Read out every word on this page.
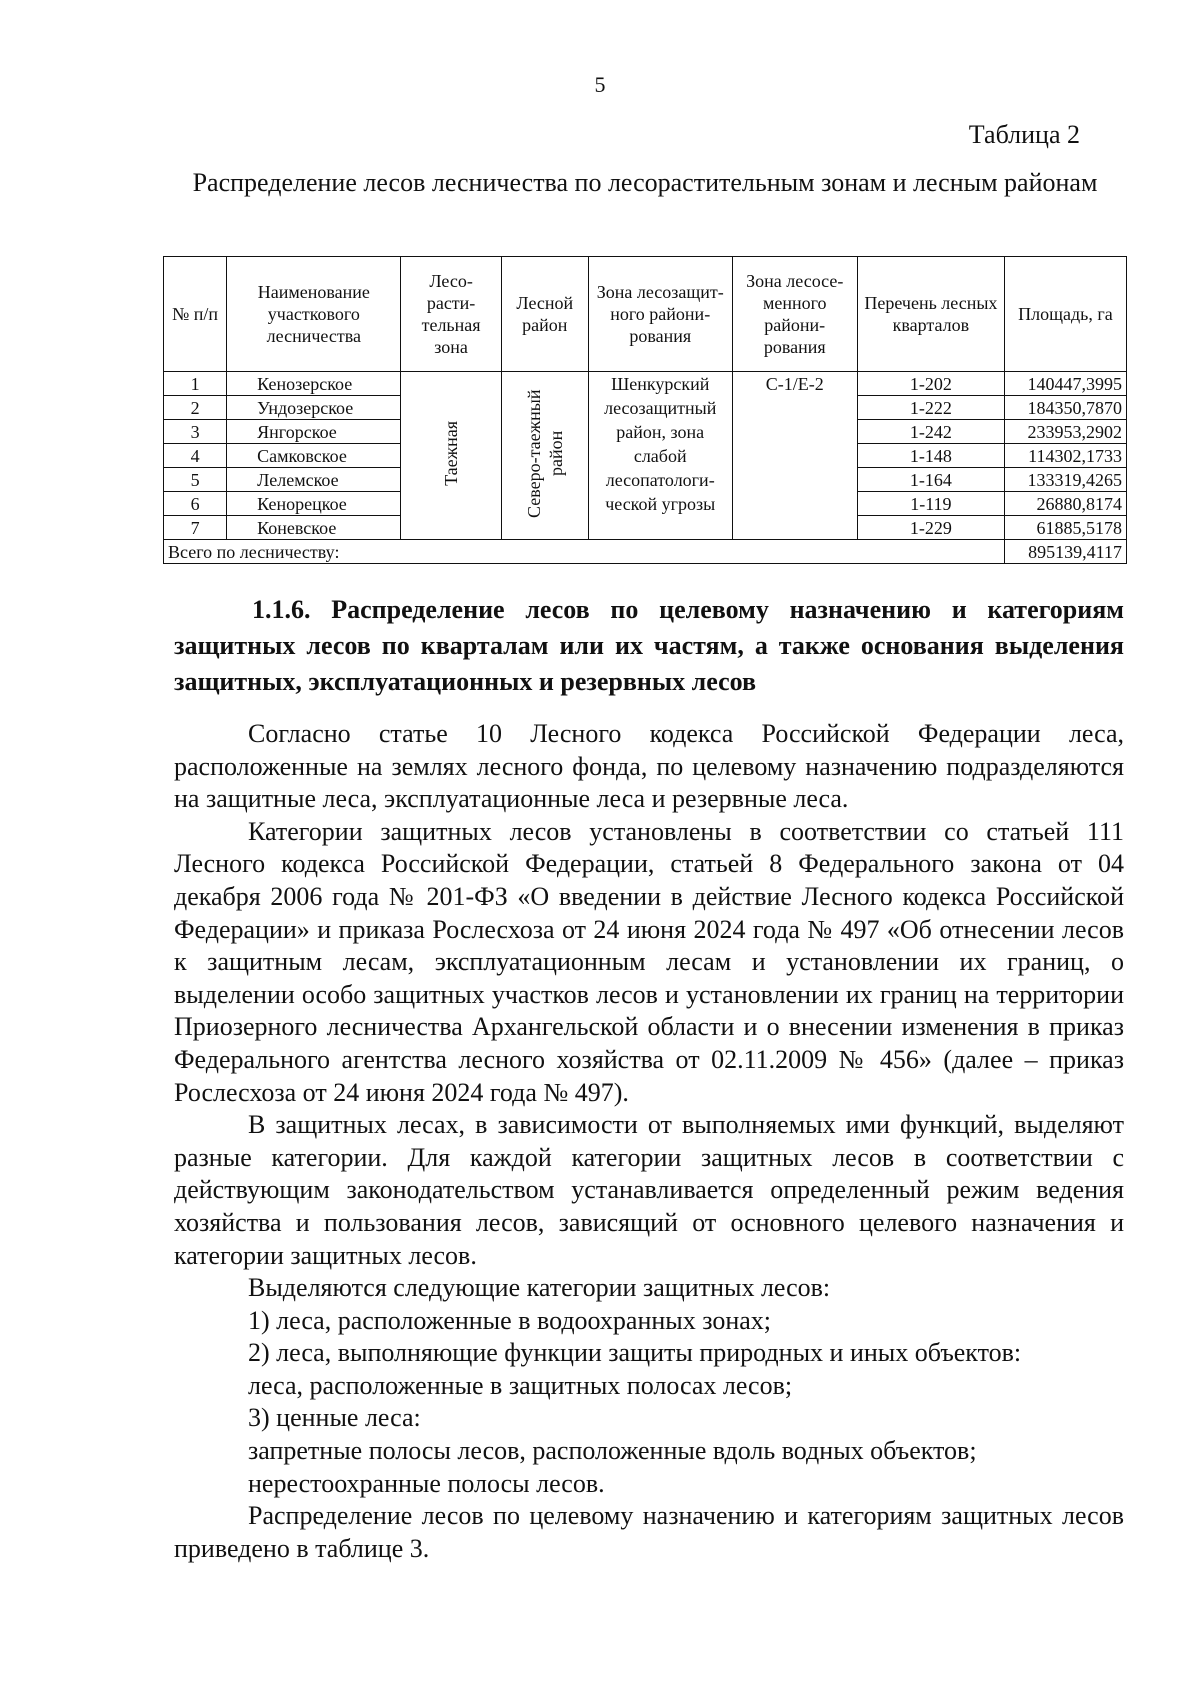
5
Таблица 2
Распределение лесов лесничества по лесорастительным зонам и лесным районам
№ п/п	Наименование участкового лесничества	Лесо- расти- тельная зона	Лесной район	Зона лесозащит- ного райони- рования	Зона лесосе- менного райони- рования	Перечень лесных кварталов	Площадь, га
1	Кенозерское	Таежная	Северо-таежный район	Шенкурский лесозащитный район, зона слабой лесопатологи- ческой угрозы	С-1/Е-2	1-202	140447,3995
2	Ундозерское					1-222	184350,7870
3	Янгорское					1-242	233953,2902
4	Самковское					1-148	114302,1733
5	Лелемское					1-164	133319,4265
6	Кенорецкое					1-119	26880,8174
7	Коневское					1-229	61885,5178
Всего по лесничеству:							895139,4117
1.1.6. Распределение лесов по целевому назначению и категориям защитных лесов по кварталам или их частям, а также основания выделения защитных, эксплуатационных и резервных лесов

Согласно статье 10 Лесного кодекса Российской Федерации леса, расположенные на землях лесного фонда, по целевому назначению подразделяются на защитные леса, эксплуатационные леса и резервные леса.

Категории защитных лесов установлены в соответствии со статьей 111 Лесного кодекса Российской Федерации, статьей 8 Федерального закона от 04 декабря 2006 года № 201-ФЗ «О введении в действие Лесного кодекса Российской Федерации» и приказа Рослесхоза от 24 июня 2024 года № 497 «Об отнесении лесов к защитным лесам, эксплуатационным лесам и установлении их границ, о выделении особо защитных участков лесов и установлении их границ на территории Приозерного лесничества Архангельской области и о внесении изменения в приказ Федерального агентства лесного хозяйства от 02.11.2009 № 456» (далее – приказ Рослесхоза от 24 июня 2024 года № 497).

В защитных лесах, в зависимости от выполняемых ими функций, выделяют разные категории. Для каждой категории защитных лесов в соответствии с действующим законодательством устанавливается определенный режим ведения хозяйства и пользования лесов, зависящий от основного целевого назначения и категории защитных лесов.

Выделяются следующие категории защитных лесов:

1) леса, расположенные в водоохранных зонах;

2) леса, выполняющие функции защиты природных и иных объектов:

леса, расположенные в защитных полосах лесов;

3) ценные леса:

запретные полосы лесов, расположенные вдоль водных объектов;

нерестоохранные полосы лесов.

Распределение лесов по целевому назначению и категориям защитных лесов приведено в таблице 3.
